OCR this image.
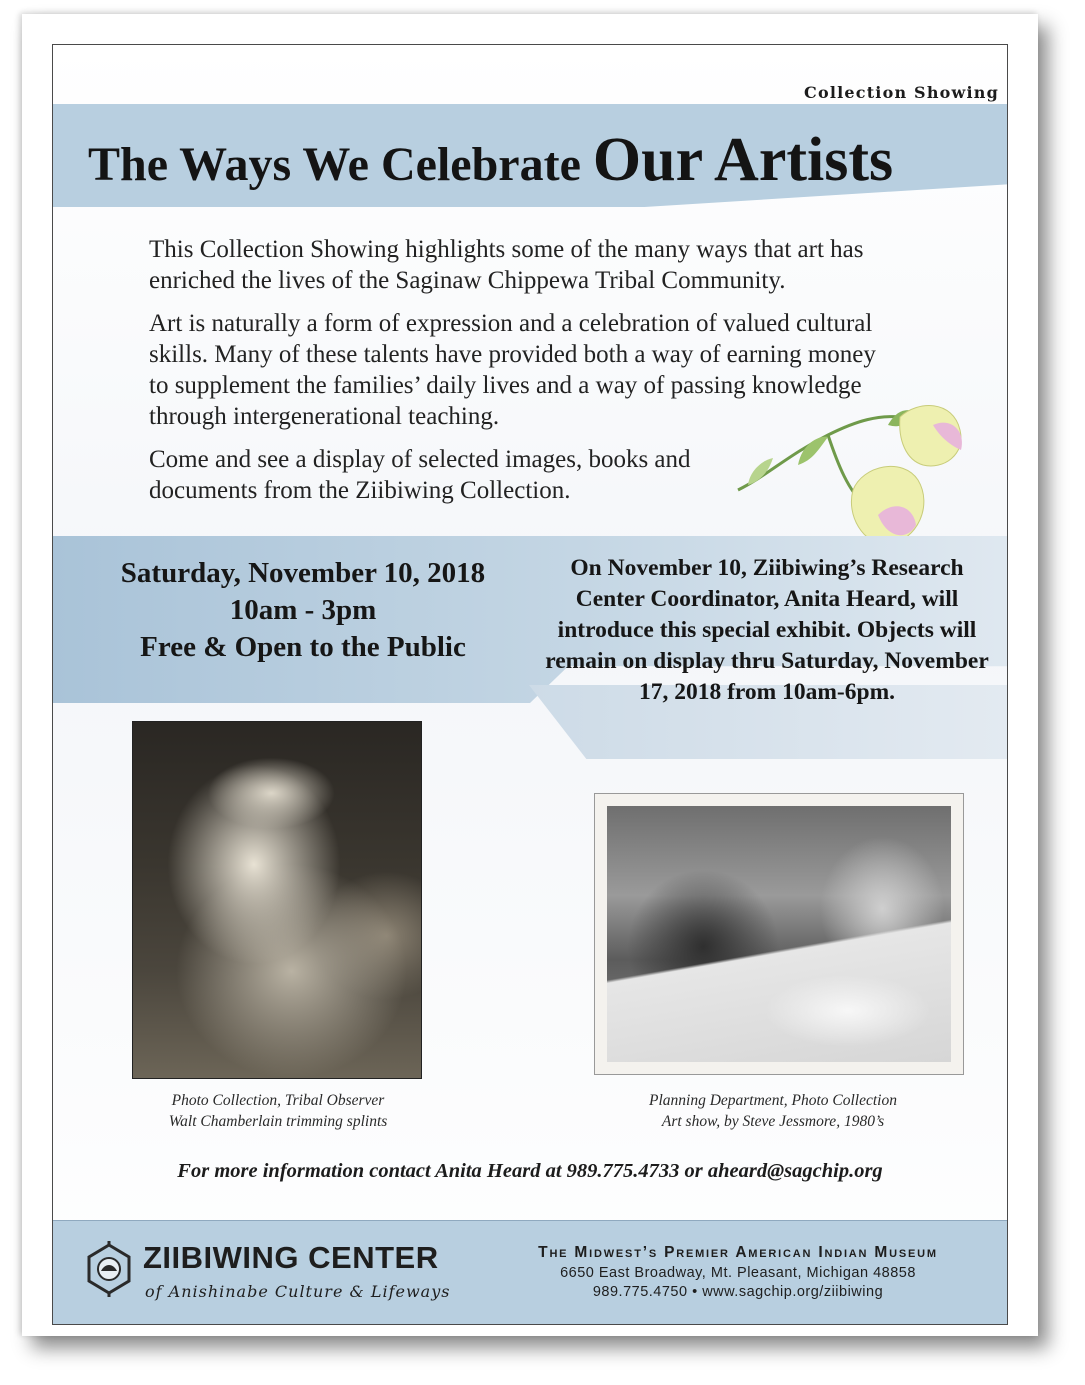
Collection Showing
The Ways We Celebrate Our Artists

This Collection Showing highlights some of the many ways that art has enriched the lives of the Saginaw Chippewa Tribal Community.

Art is naturally a form of expression and a celebration of valued cultural skills. Many of these talents have provided both a way of earning money to supplement the families’ daily lives and a way of passing knowledge through intergenerational teaching.

Come and see a display of selected images, books and documents from the Ziibiwing Collection.

Saturday, November 10, 2018
10am - 3pm
Free & Open to the Public
On November 10, Ziibiwing’s Research Center Coordinator, Anita Heard, will introduce this special exhibit. Objects will remain on display thru Saturday, November 17, 2018 from 10am-6pm.
Photo Collection, Tribal Observer
Walt Chamberlain trimming splints
Planning Department, Photo Collection
Art show, by Steve Jessmore, 1980’s
For more information contact Anita Heard at 989.775.4733 or aheard@sagchip.org
ZIIBIWING CENTER
of Anishinabe Culture & Lifeways
The Midwest’s Premier American Indian Museum
6650 East Broadway, Mt. Pleasant, Michigan 48858
989.775.4750 • www.sagchip.org/ziibiwing
